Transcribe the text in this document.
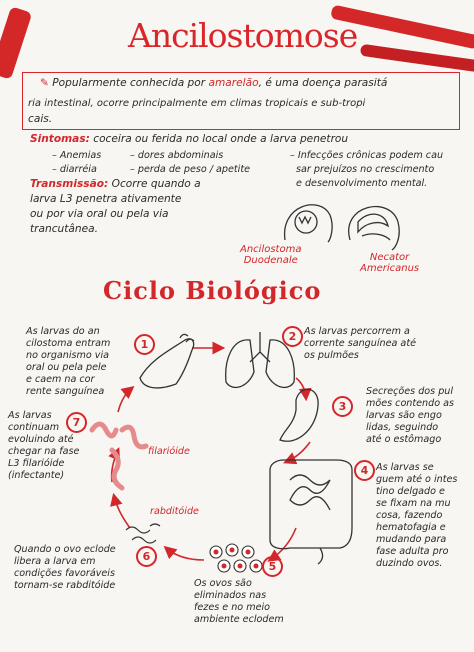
Ancilostomose
✎ Popularmente conhecida por amarelão, é uma doença parasitá
ria intestinal, ocorre principalmente em climas tropicais e sub-tropi
cais.
Sintomas: coceira ou ferida no local onde a larva penetrou
– Anemias
– diarréia
– dores abdominais
– perda de peso / apetite
– Infecções crônicas podem cau
sar prejuízos no crescimento
e desenvolvimento mental.
Transmissão: Ocorre quando a
larva L3 penetra ativamente
ou por via oral ou pela via
trancutânea.
Ciclo Biológico
1
As larvas do an
cilostoma entram
no organismo via
oral ou pela pele
e caem na cor
rente sanguínea
2 As larvas percorrem a
corrente sanguínea até
os pulmões
3
Secreções dos pul
mões contendo as
larvas são engo
lidas, seguindo
até o estômago
4 As larvas se
guem até o intes
tino delgado e
se fixam na mu
cosa, fazendo
hematofagia e
mudando para
fase adulta pro
duzindo ovos.
5
Os ovos são
eliminados nas
fezes e no meio
ambiente eclodem
6
Quando o ovo eclode
libera a larva em
condições favoráveis
tornam-se rabditóide
7
As larvas
continuam
evoluindo até
chegar na fase
L3 filarióide
(infectante)
filarióide
rabditóide
Ancilostoma
Duodenale	Necator
Americanus
